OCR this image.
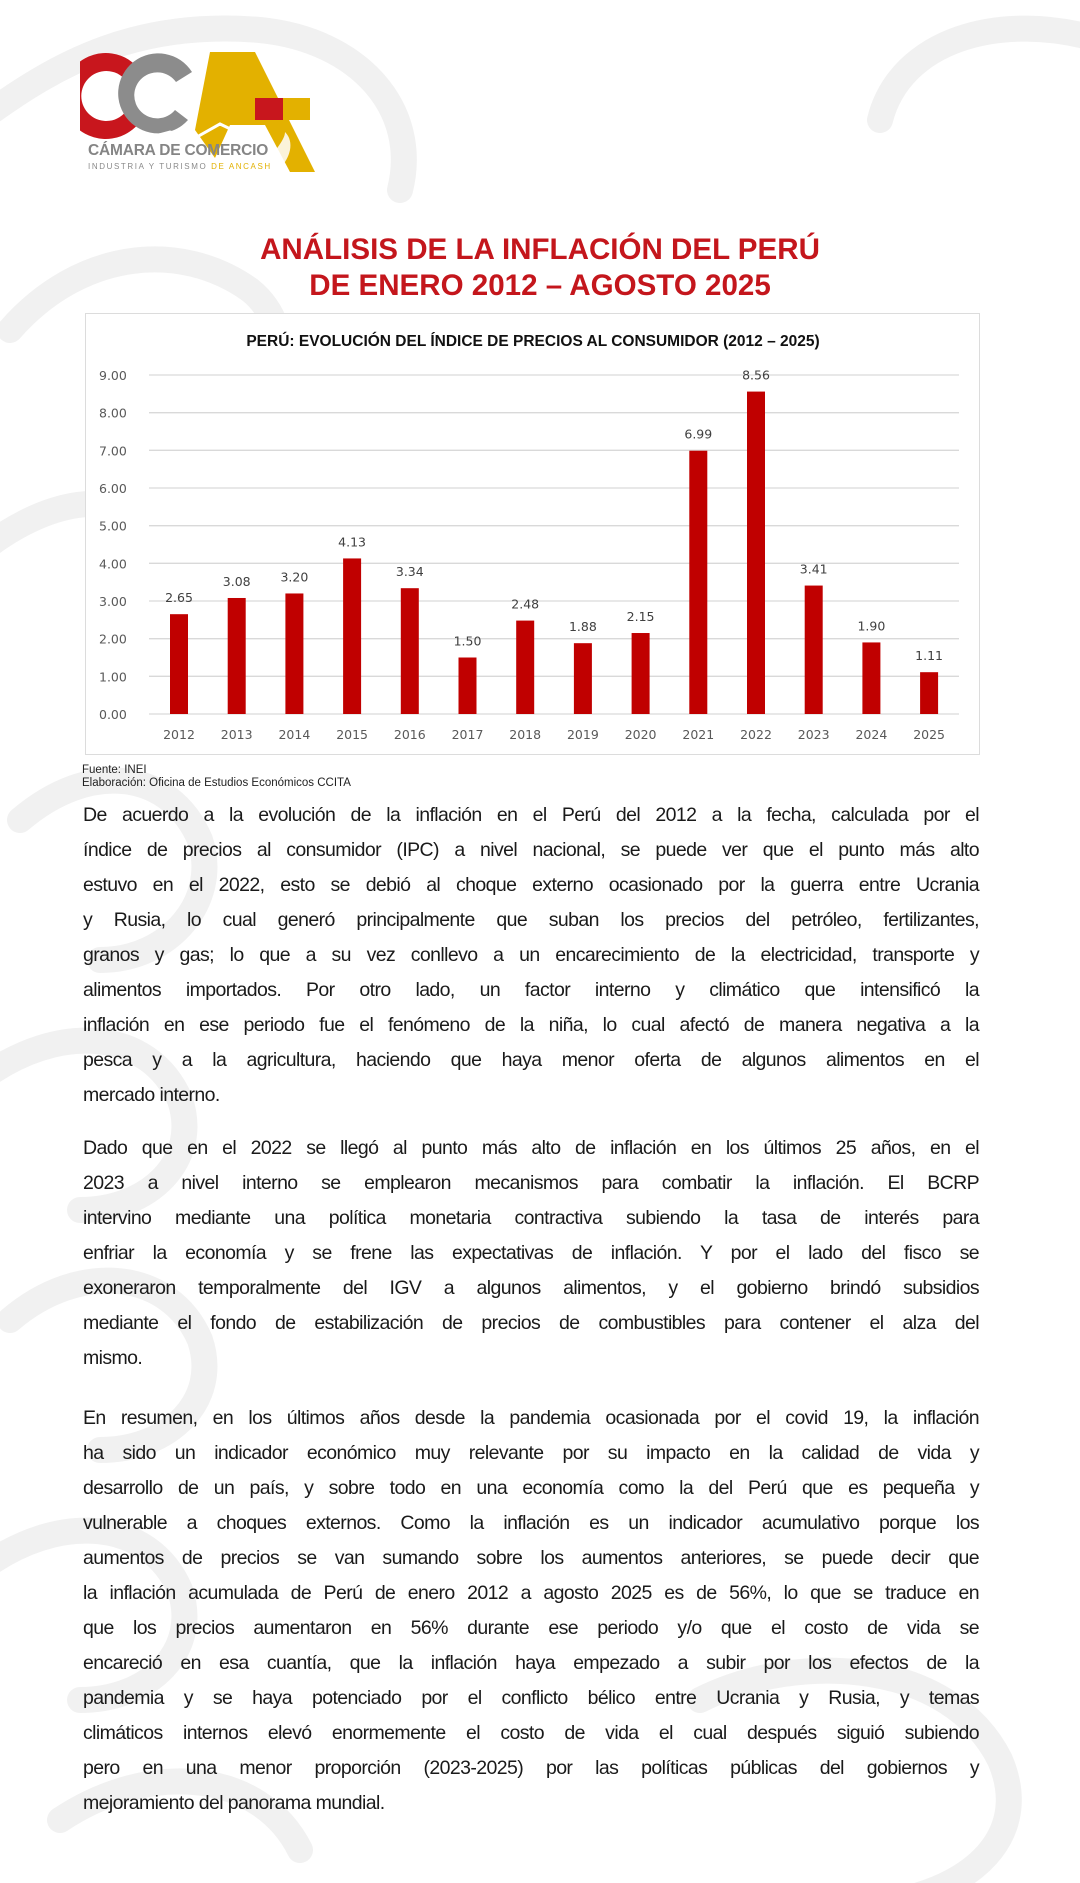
CÁMARA DE COMERCIO
INDUSTRIA Y TURISMO DE ANCASH
ANÁLISIS DE LA INFLACIÓN DEL PERÚ
DE ENERO 2012 – AGOSTO 2025
PERÚ: EVOLUCIÓN DEL ÍNDICE DE PRECIOS AL CONSUMIDOR (2012 – 2025)
0.00
1.00
2.00
3.00
4.00
5.00
6.00
7.00
8.00
9.00
2.65
3.08 3.20
4.13
3.34
1.50
2.48
1.88
2.15
6.99
8.56
3.41
1.90
1.11
2012 2013 2014 2015 2016 2017 2018 2019 2020 2021 2022 2023 2024 2025
Fuente: INEI
Elaboración: Oficina de Estudios Económicos CCITA
De acuerdo a la evolución de la inflación en el Perú del 2012 a la fecha, calculada por el
índice de precios al consumidor (IPC) a nivel nacional, se puede ver que el punto más alto
estuvo en el 2022, esto se debió al choque externo ocasionado por la guerra entre Ucrania
y Rusia, lo cual generó principalmente que suban los precios del petróleo, fertilizantes,
granos y gas; lo que a su vez conllevo a un encarecimiento de la electricidad, transporte y
alimentos importados. Por otro lado, un factor interno y climático que intensificó la
inflación en ese periodo fue el fenómeno de la niña, lo cual afectó de manera negativa a la
pesca y a la agricultura, haciendo que haya menor oferta de algunos alimentos en el
mercado interno.
Dado que en el 2022 se llegó al punto más alto de inflación en los últimos 25 años, en el
2023 a nivel interno se emplearon mecanismos para combatir la inflación. El BCRP
intervino mediante una política monetaria contractiva subiendo la tasa de interés para
enfriar la economía y se frene las expectativas de inflación. Y por el lado del fisco se
exoneraron temporalmente del IGV a algunos alimentos, y el gobierno brindó subsidios
mediante el fondo de estabilización de precios de combustibles para contener el alza del
mismo.
En resumen, en los últimos años desde la pandemia ocasionada por el covid 19, la inflación
ha sido un indicador económico muy relevante por su impacto en la calidad de vida y
desarrollo de un país, y sobre todo en una economía como la del Perú que es pequeña y
vulnerable a choques externos. Como la inflación es un indicador acumulativo porque los
aumentos de precios se van sumando sobre los aumentos anteriores, se puede decir que
la inflación acumulada de Perú de enero 2012 a agosto 2025 es de 56%, lo que se traduce en
que los precios aumentaron en 56% durante ese periodo y/o que el costo de vida se
encareció en esa cuantía, que la inflación haya empezado a subir por los efectos de la
pandemia y se haya potenciado por el conflicto bélico entre Ucrania y Rusia, y temas
climáticos internos elevó enormemente el costo de vida el cual después siguió subiendo
pero en una menor proporción (2023-2025) por las políticas públicas del gobiernos y
mejoramiento del panorama mundial.
